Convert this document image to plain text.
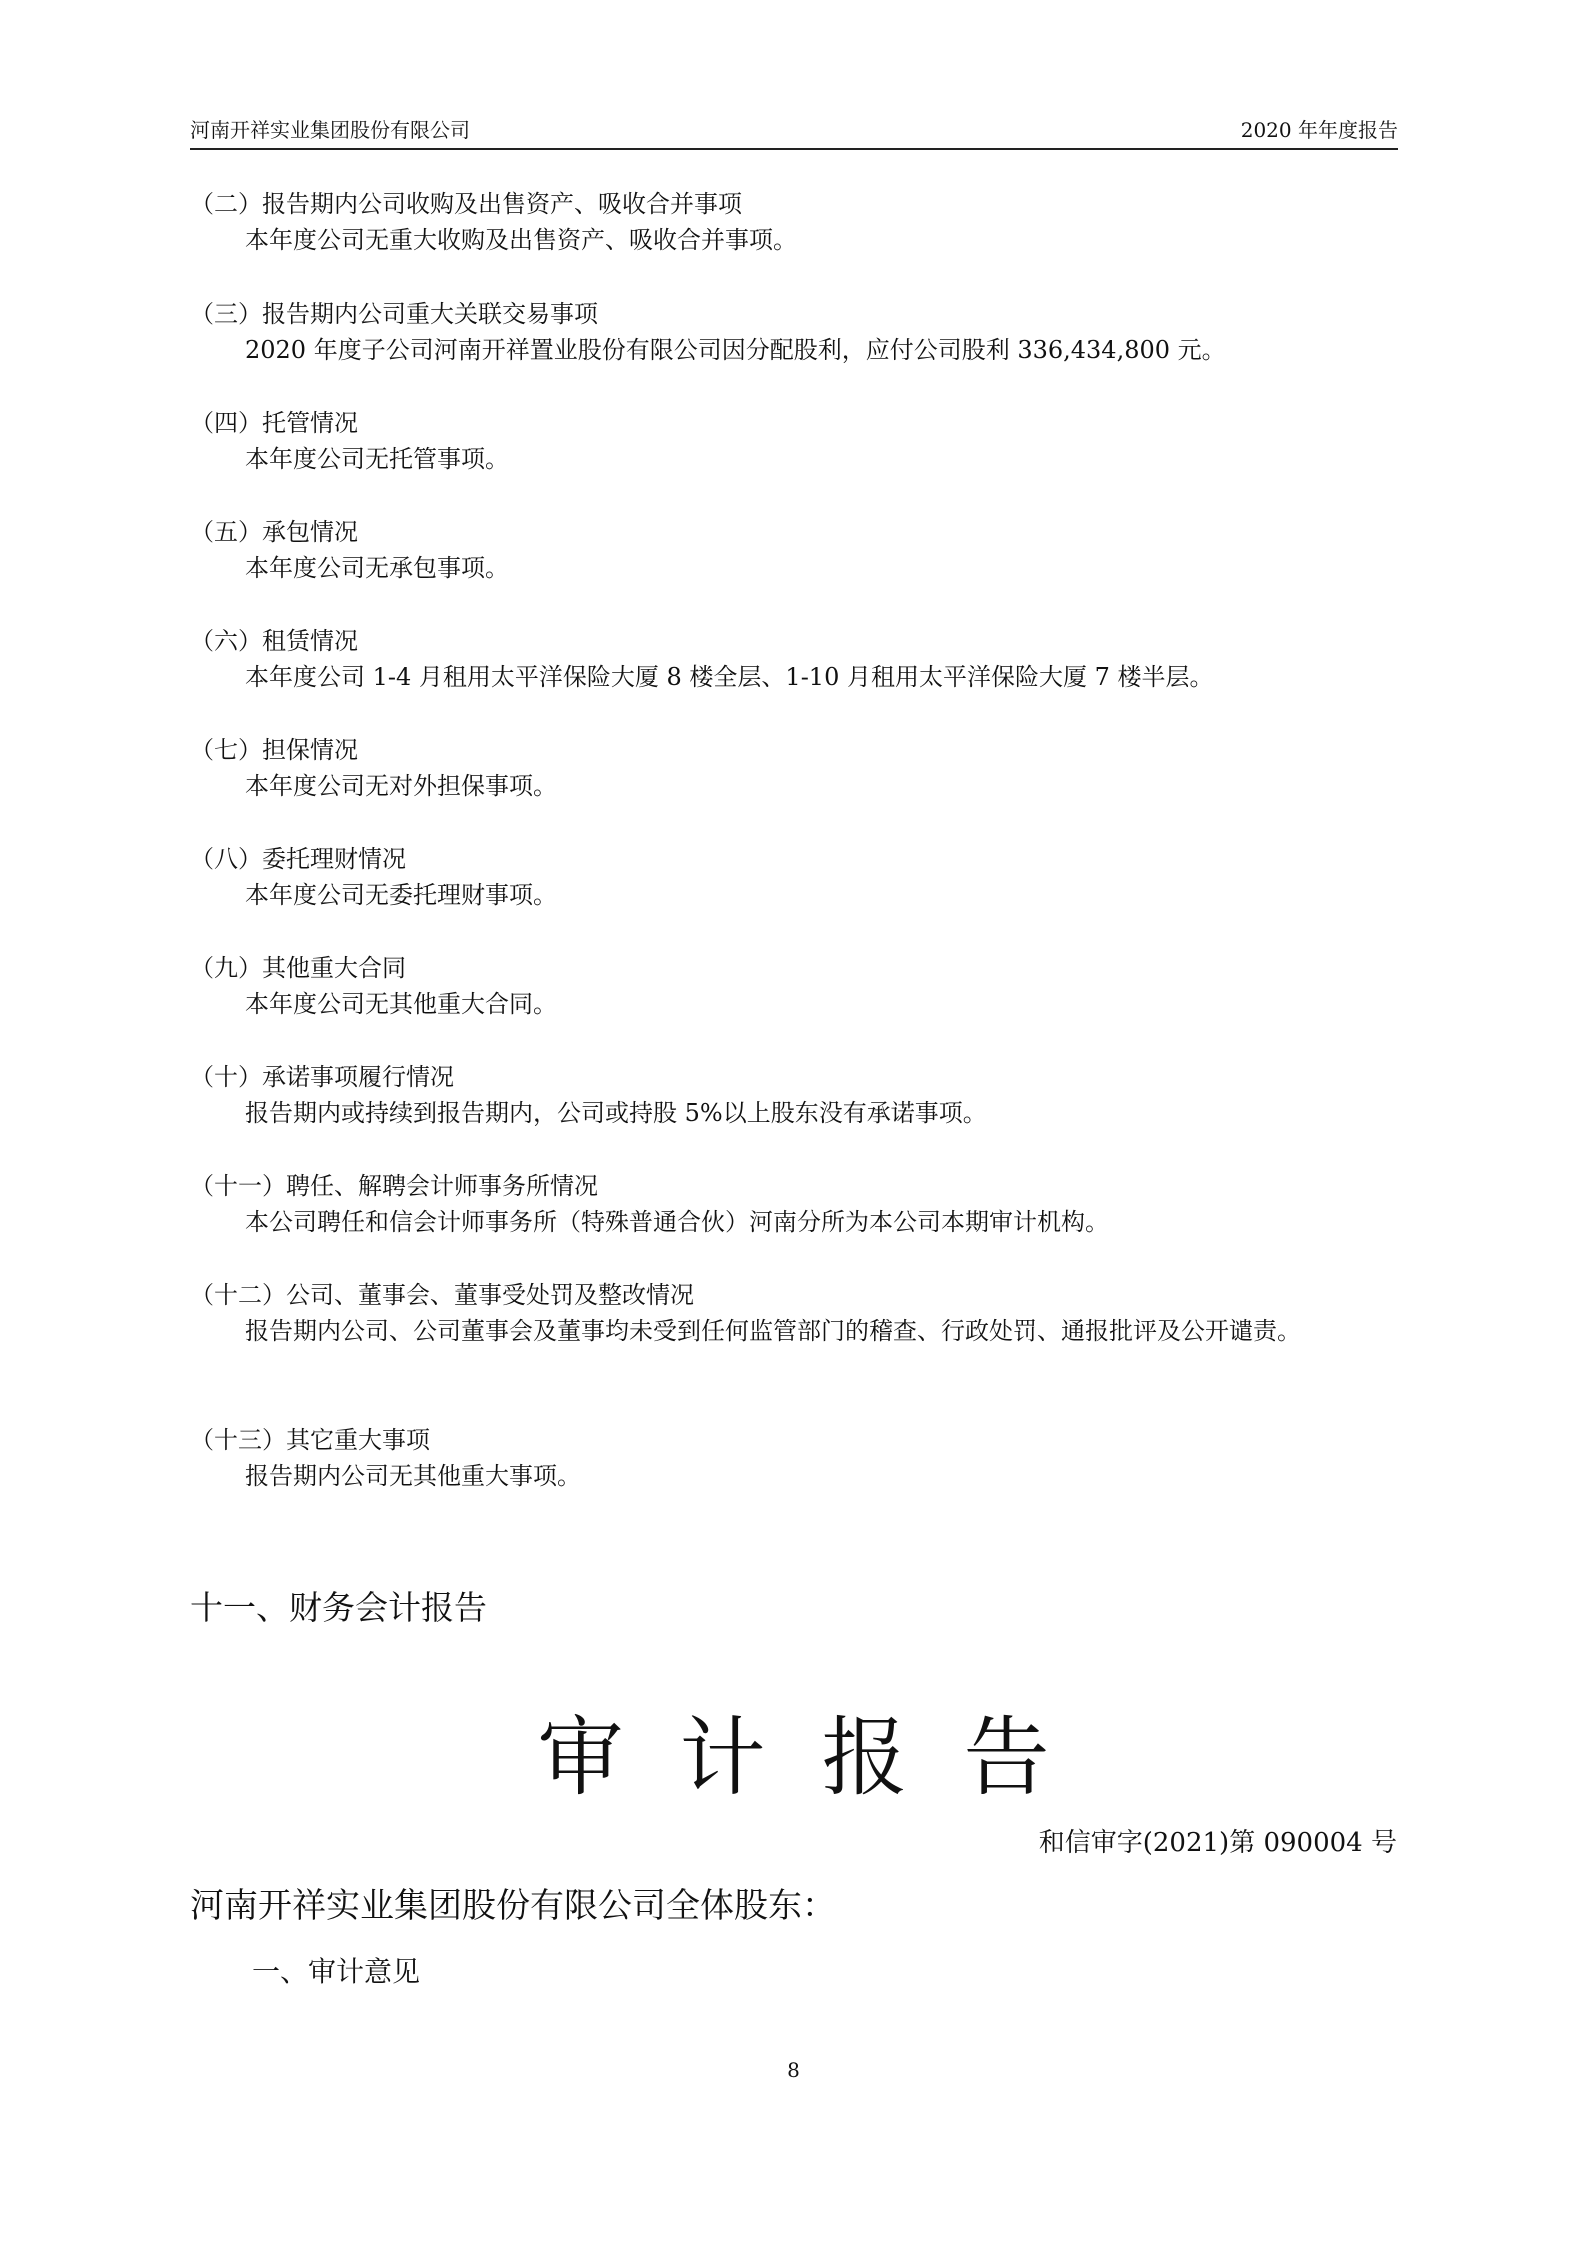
河南开祥实业集团股份有限公司	2020 年年度报告
（二）报告期内公司收购及出售资产、吸收合并事项
本年度公司无重大收购及出售资产、吸收合并事项。
（三）报告期内公司重大关联交易事项
2020 年度子公司河南开祥置业股份有限公司因分配股利，应付公司股利 336,434,800 元。
（四）托管情况
本年度公司无托管事项。
（五）承包情况
本年度公司无承包事项。
（六）租赁情况
本年度公司 1-4 月租用太平洋保险大厦 8 楼全层、1-10 月租用太平洋保险大厦 7 楼半层。
（七）担保情况
本年度公司无对外担保事项。
（八）委托理财情况
本年度公司无委托理财事项。
（九）其他重大合同
本年度公司无其他重大合同。
（十）承诺事项履行情况
报告期内或持续到报告期内，公司或持股 5%以上股东没有承诺事项。
（十一）聘任、解聘会计师事务所情况
本公司聘任和信会计师事务所（特殊普通合伙）河南分所为本公司本期审计机构。
（十二）公司、董事会、董事受处罚及整改情况
报告期内公司、公司董事会及董事均未受到任何监管部门的稽查、行政处罚、通报批评及公开谴责。
（十三）其它重大事项
报告期内公司无其他重大事项。
十一、财务会计报告
审计报告
和信审字(2021)第 090004 号
河南开祥实业集团股份有限公司全体股东：
一、审计意见
8
